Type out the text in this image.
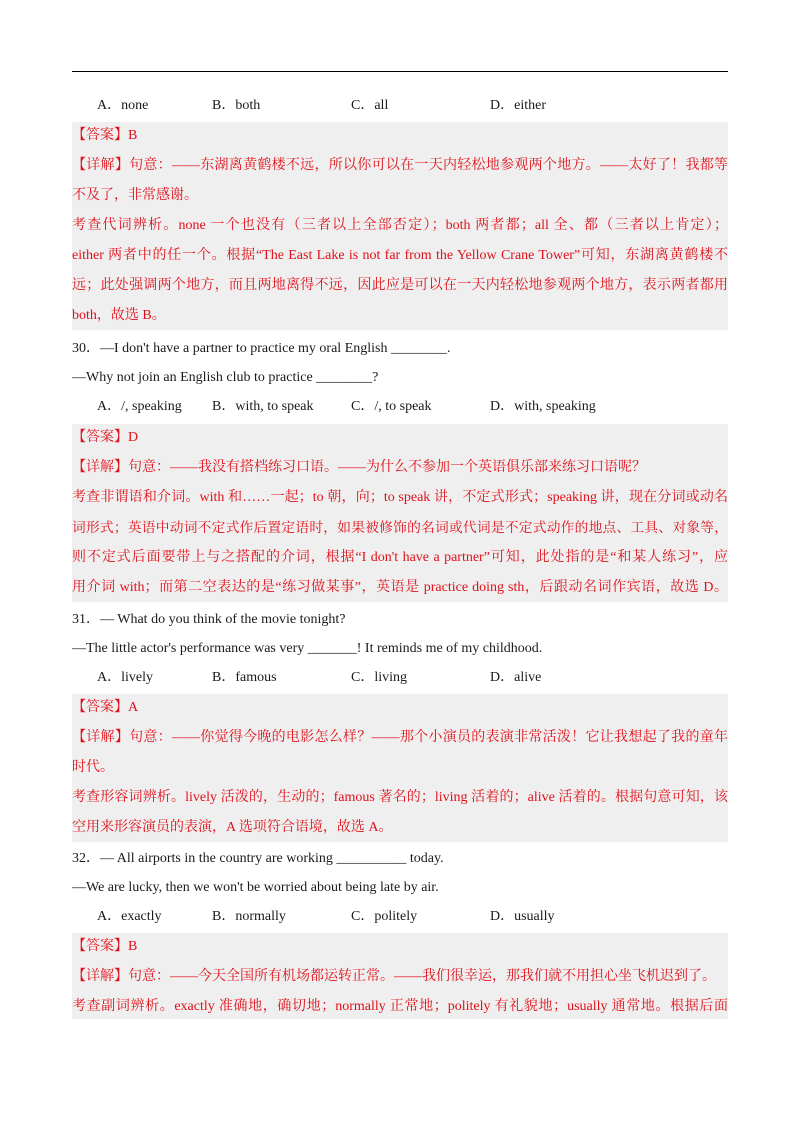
A．none	B．both	C．all	D．either
【答案】B
【详解】句意：——东湖离黄鹤楼不远，所以你可以在一天内轻松地参观两个地方。——太好了！我都等
不及了，非常感谢。
考查代词辨析。none 一个也没有（三者以上全部否定）；both 两者都；all 全、都（三者以上肯定）；
either 两者中的任一个。根据“The East Lake is not far from the Yellow Crane Tower”可知，东湖离黄鹤楼不
远；此处强调两个地方，而且两地离得不远，因此应是可以在一天内轻松地参观两个地方，表示两者都用
both，故选 B。
30．—I don't have a partner to practice my oral English ________.
—Why not join an English club to practice ________?
A．/, speaking B．with, to speak	C．/, to speak	D．with, speaking
【答案】D
【详解】句意：——我没有搭档练习口语。——为什么不参加一个英语俱乐部来练习口语呢？
考查非谓语和介词。with 和……一起；to 朝，向；to speak 讲，不定式形式；speaking 讲，现在分词或动名
词形式；英语中动词不定式作后置定语时，如果被修饰的名词或代词是不定式动作的地点、工具、对象等，
则不定式后面要带上与之搭配的介词，根据“I don't have a partner”可知，此处指的是“和某人练习”，应
用介词 with；而第二空表达的是“练习做某事”，英语是 practice doing sth，后跟动名词作宾语，故选 D。
31．— What do you think of the movie tonight?
—The little actor's performance was very _______! It reminds me of my childhood.
A．lively	B．famous	C．living	D．alive
【答案】A
【详解】句意：——你觉得今晚的电影怎么样？——那个小演员的表演非常活泼！它让我想起了我的童年
时代。
考查形容词辨析。lively 活泼的，生动的；famous 著名的；living 活着的；alive 活着的。根据句意可知，该
空用来形容演员的表演，A 选项符合语境，故选 A。
32．— All airports in the country are working __________ today.
—We are lucky, then we won't be worried about being late by air.
A．exactly	B．normally	C．politely	D．usually
【答案】B
【详解】句意：——今天全国所有机场都运转正常。——我们很幸运，那我们就不用担心坐飞机迟到了。
考查副词辨析。exactly 准确地，确切地；normally 正常地；politely 有礼貌地；usually 通常地。根据后面
